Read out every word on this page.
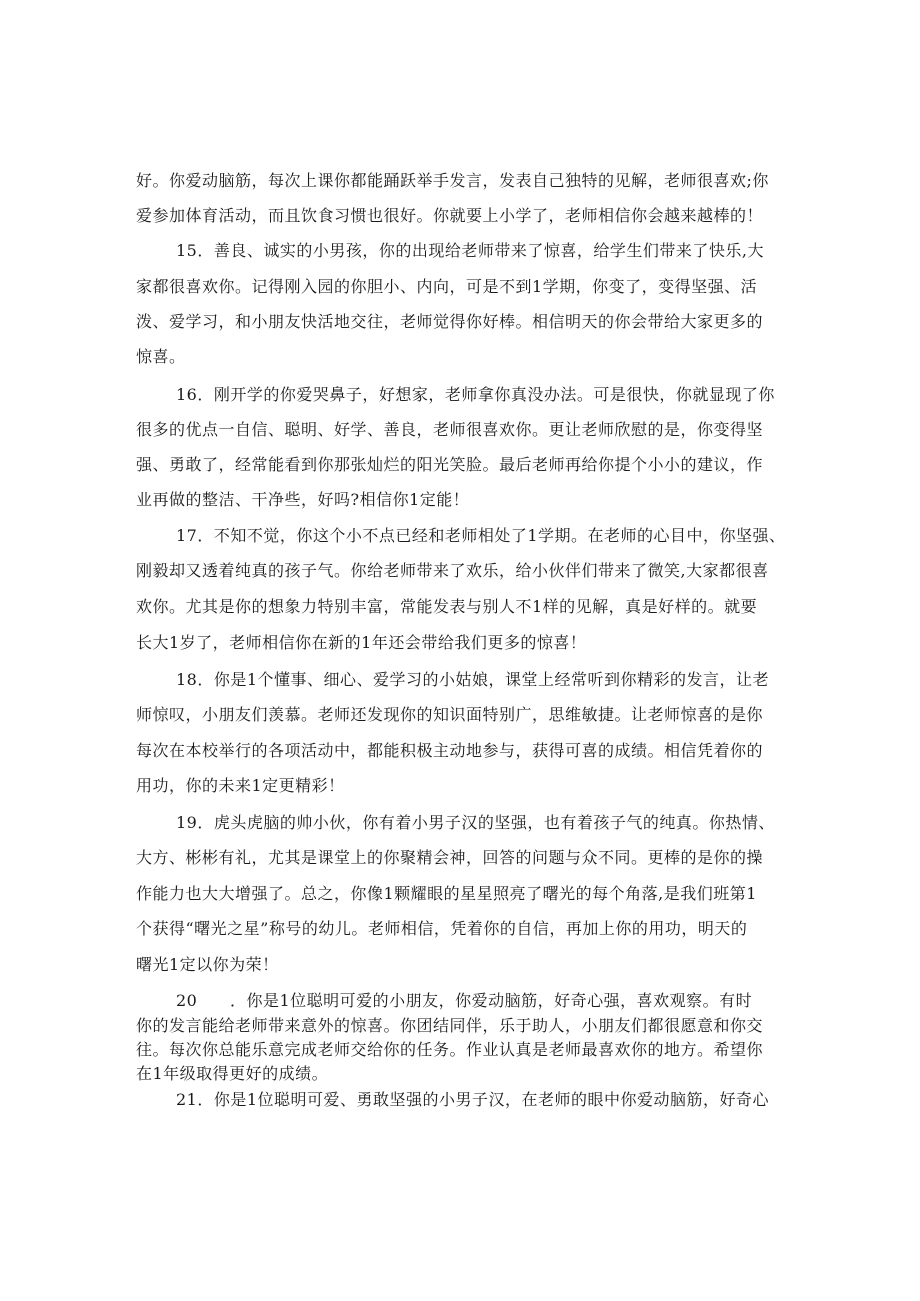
好。你爱动脑筋，每次上课你都能踊跃举手发言，发表自己独特的见解，老师很喜欢;你
爱参加体育活动，而且饮食习惯也很好。你就要上小学了，老师相信你会越来越棒的！
15．善良、诚实的小男孩，你的出现给老师带来了惊喜，给学生们带来了快乐,大
家都很喜欢你。记得刚入园的你胆小、内向，可是不到1学期，你变了，变得坚强、活
泼、爱学习，和小朋友快活地交往，老师觉得你好棒。相信明天的你会带给大家更多的
惊喜。
16．刚开学的你爱哭鼻子，好想家，老师拿你真没办法。可是很快，你就显现了你
很多的优点一自信、聪明、好学、善良，老师很喜欢你。更让老师欣慰的是，你变得坚
强、勇敢了，经常能看到你那张灿烂的阳光笑脸。最后老师再给你提个小小的建议，作
业再做的整洁、干净些，好吗?相信你1定能！
17．不知不觉，你这个小不点已经和老师相处了1学期。在老师的心目中，你坚强、
刚毅却又透着纯真的孩子气。你给老师带来了欢乐，给小伙伴们带来了微笑,大家都很喜
欢你。尤其是你的想象力特别丰富，常能发表与别人不1样的见解，真是好样的。就要
长大1岁了，老师相信你在新的1年还会带给我们更多的惊喜！
18．你是1个懂事、细心、爱学习的小姑娘，课堂上经常听到你精彩的发言，让老
师惊叹，小朋友们羡慕。老师还发现你的知识面特别广，思维敏捷。让老师惊喜的是你
每次在本校举行的各项活动中，都能积极主动地参与，获得可喜的成绩。相信凭着你的
用功，你的未来1定更精彩！
19．虎头虎脑的帅小伙，你有着小男子汉的坚强，也有着孩子气的纯真。你热情、
大方、彬彬有礼，尤其是课堂上的你聚精会神，回答的问题与众不同。更棒的是你的操
作能力也大大增强了。总之，你像1颗耀眼的星星照亮了曙光的每个角落,是我们班第1
个获得“曙光之星”称号的幼儿。老师相信，凭着你的自信，再加上你的用功，明天的
曙光1定以你为荣！
20 ．你是1位聪明可爱的小朋友，你爱动脑筋，好奇心强，喜欢观察。有时
你的发言能给老师带来意外的惊喜。你团结同伴，乐于助人，小朋友们都很愿意和你交
往。每次你总能乐意完成老师交给你的任务。作业认真是老师最喜欢你的地方。希望你
在1年级取得更好的成绩。
21．你是1位聪明可爱、勇敢坚强的小男子汉，在老师的眼中你爱动脑筋，好奇心
